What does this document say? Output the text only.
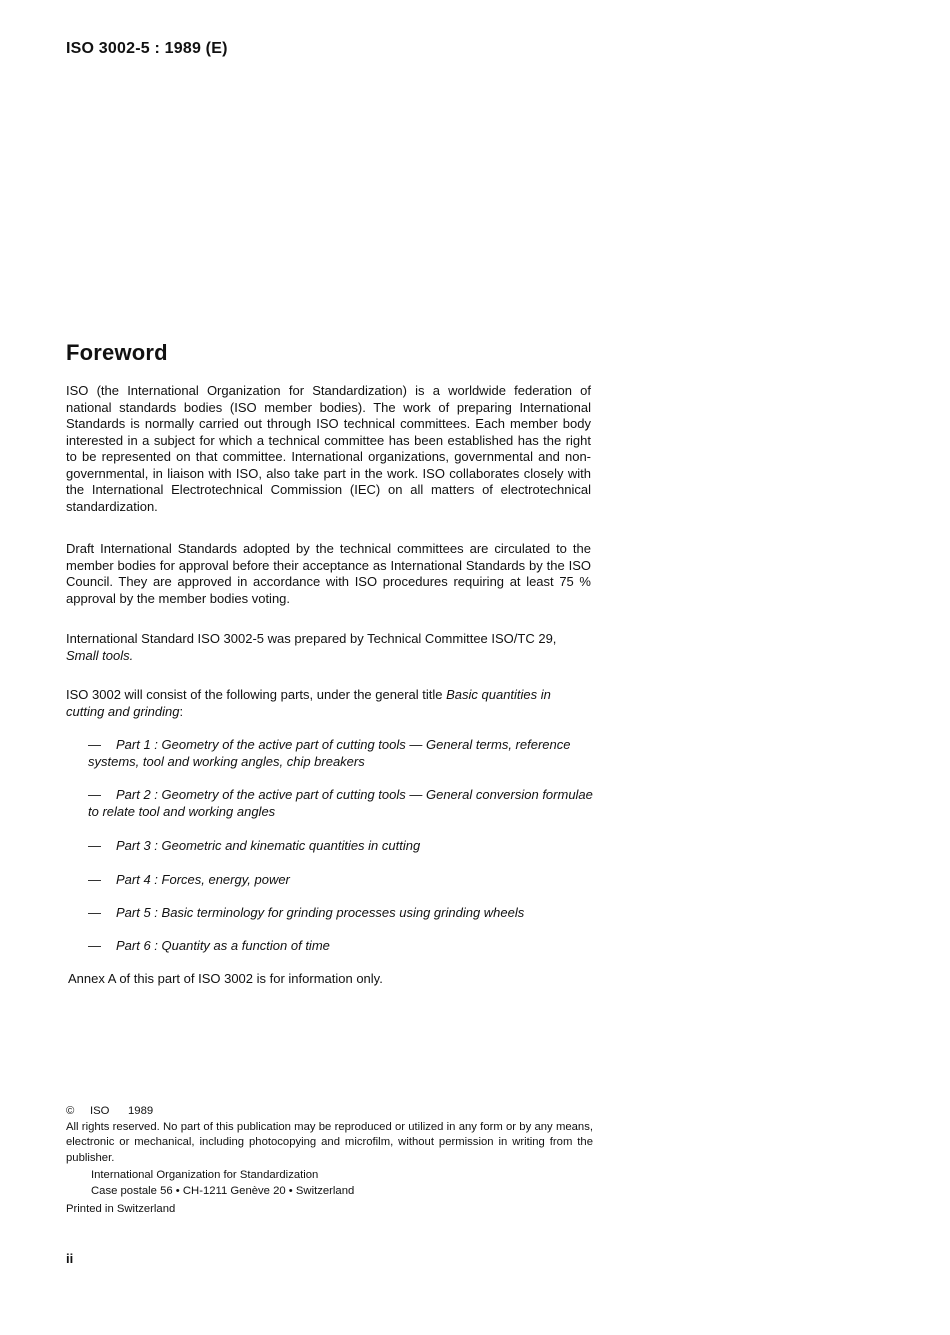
ISO 3002-5 : 1989 (E)
Foreword

ISO (the International Organization for Standardization) is a worldwide federation of national standards bodies (ISO member bodies). The work of preparing International Standards is normally carried out through ISO technical committees. Each member body interested in a subject for which a technical committee has been established has the right to be represented on that committee. International organizations, governmental and non-governmental, in liaison with ISO, also take part in the work. ISO collaborates closely with the International Electrotechnical Commission (IEC) on all matters of electrotechnical standardization.

Draft International Standards adopted by the technical committees are circulated to the member bodies for approval before their acceptance as International Standards by the ISO Council. They are approved in accordance with ISO procedures requiring at least 75 % approval by the member bodies voting.

International Standard ISO 3002-5 was prepared by Technical Committee ISO/TC 29,
Small tools.

ISO 3002 will consist of the following parts, under the general title Basic quantities in cutting and grinding:

— Part 1 : Geometry of the active part of cutting tools — General terms, reference systems, tool and working angles, chip breakers
— Part 2 : Geometry of the active part of cutting tools — General conversion formulae to relate tool and working angles
— Part 3 : Geometric and kinematic quantities in cutting
— Part 4 : Forces, energy, power
— Part 5 : Basic terminology for grinding processes using grinding wheels
— Part 6 : Quantity as a function of time

Annex A of this part of ISO 3002 is for information only.

©	ISO	1989

All rights reserved. No part of this publication may be reproduced or utilized in any form or by any means, electronic or mechanical, including photocopying and microfilm, without permission in writing from the publisher.

International Organization for Standardization
Case postale 56 • CH-1211 Genève 20 • Switzerland

Printed in Switzerland

ii
